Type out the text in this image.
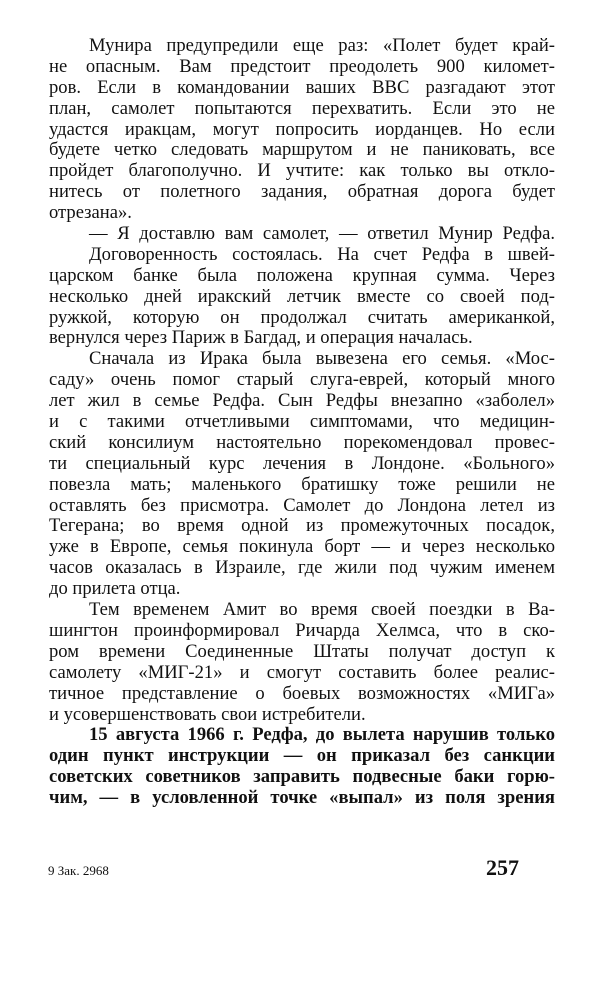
Мунира предупредили еще раз: «Полет будет край-
не опасным. Вам предстоит преодолеть 900 километ-
ров. Если в командовании ваших ВВС разгадают этот
план, самолет попытаются перехватить. Если это не
удастся иракцам, могут попросить иорданцев. Но если
будете четко следовать маршрутом и не паниковать, все
пройдет благополучно. И учтите: как только вы откло-
нитесь от полетного задания, обратная дорога будет
отрезана».
— Я доставлю вам самолет, — ответил Мунир Редфа.
Договоренность состоялась. На счет Редфа в швей-
царском банке была положена крупная сумма. Через
несколько дней иракский летчик вместе со своей под-
ружкой, которую он продолжал считать американкой,
вернулся через Париж в Багдад, и операция началась.
Сначала из Ирака была вывезена его семья. «Мос-
саду» очень помог старый слуга-еврей, который много
лет жил в семье Редфа. Сын Редфы внезапно «заболел»
и с такими отчетливыми симптомами, что медицин-
ский консилиум настоятельно порекомендовал провес-
ти специальный курс лечения в Лондоне. «Больного»
повезла мать; маленького братишку тоже решили не
оставлять без присмотра. Самолет до Лондона летел из
Тегерана; во время одной из промежуточных посадок,
уже в Европе, семья покинула борт — и через несколько
часов оказалась в Израиле, где жили под чужим именем
до прилета отца.
Тем временем Амит во время своей поездки в Ва-
шингтон проинформировал Ричарда Хелмса, что в ско-
ром времени Соединенные Штаты получат доступ к
самолету «МИГ-21» и смогут составить более реалис-
тичное представление о боевых возможностях «МИГа»
и усовершенствовать свои истребители.
15 августа 1966 г. Редфа, до вылета нарушив только
один пункт инструкции — он приказал без санкции
советских советников заправить подвесные баки горю-
чим, — в условленной точке «выпал» из поля зрения
9 Зак. 2968	257
